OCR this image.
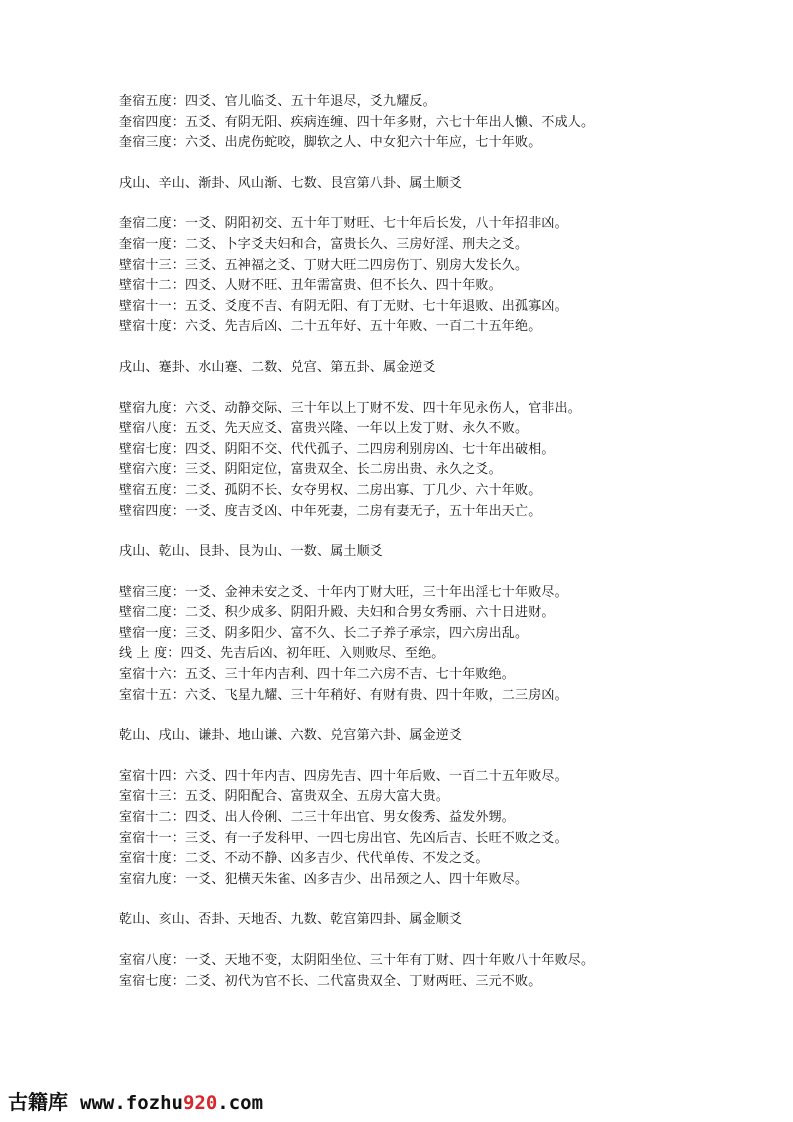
奎宿五度：四爻、官儿临爻、五十年退尽，爻九耀反。
奎宿四度：五爻、有阴无阳、疾病连缠、四十年多财，六七十年出人懒、不成人。
奎宿三度：六爻、出虎伤蛇咬，脚软之人、中女犯六十年应，七十年败。
戌山、辛山、渐卦、风山渐、七数、艮宫第八卦、属土顺爻
奎宿二度：一爻、阴阳初交、五十年丁财旺、七十年后长发，八十年招非凶。
奎宿一度：二爻、卜字爻夫妇和合，富贵长久、三房好淫、刑夫之爻。
壁宿十三：三爻、五神福之爻、丁财大旺二四房伤丁、别房大发长久。
壁宿十二：四爻、人财不旺、丑年需富贵、但不长久、四十年败。
壁宿十一：五爻、爻度不吉、有阴无阳、有丁无财、七十年退败、出孤寡凶。
壁宿十度：六爻、先吉后凶、二十五年好、五十年败、一百二十五年绝。
戌山、蹇卦、水山蹇、二数、兑宫、第五卦、属金逆爻
壁宿九度：六爻、动静交际、三十年以上丁财不发、四十年见永伤人，官非出。
壁宿八度：五爻、先天应爻、富贵兴隆、一年以上发丁财、永久不败。
壁宿七度：四爻、阴阳不交、代代孤子、二四房利别房凶、七十年出破相。
壁宿六度：三爻、阴阳定位，富贵双全、长二房出贵、永久之爻。
壁宿五度：二爻、孤阴不长、女夺男权、二房出寡、丁几少、六十年败。
壁宿四度：一爻、度吉爻凶、中年死妻，二房有妻无子，五十年出天亡。
戌山、乾山、艮卦、艮为山、一数、属土顺爻
壁宿三度：一爻、金神未安之爻、十年内丁财大旺，三十年出淫七十年败尽。
壁宿二度：二爻、积少成多、阴阳升殿、夫妇和合男女秀丽、六十日进财。
壁宿一度：三爻、阴多阳少、富不久、长二子养子承宗，四六房出乱。
线 上 度：四爻、先吉后凶、初年旺、入则败尽、至绝。
室宿十六：五爻、三十年内吉利、四十年二六房不吉、七十年败绝。
室宿十五：六爻、飞星九耀、三十年稍好、有财有贵、四十年败，二三房凶。
乾山、戌山、谦卦、地山谦、六数、兑宫第六卦、属金逆爻
室宿十四：六爻、四十年内吉、四房先吉、四十年后败、一百二十五年败尽。
室宿十三：五爻、阴阳配合、富贵双全、五房大富大贵。
室宿十二：四爻、出人伶俐、二三十年出官、男女俊秀、益发外甥。
室宿十一：三爻、有一子发科甲、一四七房出官、先凶后吉、长旺不败之爻。
室宿十度：二爻、不动不静、凶多吉少、代代单传、不发之爻。
室宿九度：一爻、犯横天朱雀、凶多吉少、出吊颈之人、四十年败尽。
乾山、亥山、否卦、天地否、九数、乾宫第四卦、属金顺爻
室宿八度：一爻、天地不变，太阴阳坐位、三十年有丁财、四十年败八十年败尽。
室宿七度：二爻、初代为官不长、二代富贵双全、丁财两旺、三元不败。
古籍库 www.fozhu920.com
